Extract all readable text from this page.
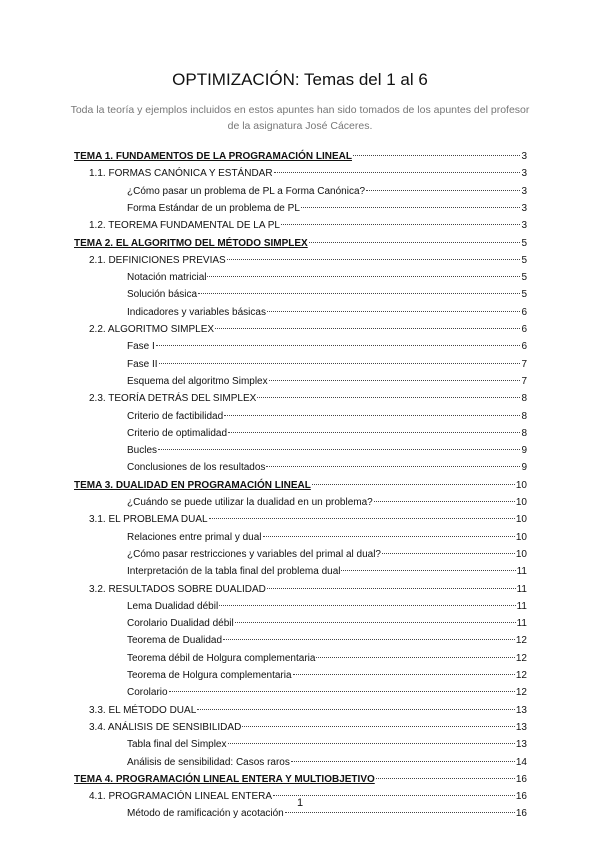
OPTIMIZACIÓN: Temas del 1 al 6
Toda la teoría y ejemplos incluidos en estos apuntes han sido tomados de los apuntes del profesor de la asignatura José Cáceres.
TEMA 1. FUNDAMENTOS DE LA PROGRAMACIÓN LINEAL	3
1.1. FORMAS CANÓNICA Y ESTÁNDAR	3
¿Cómo pasar un problema de PL a Forma Canónica?	3
Forma Estándar de un problema de PL	3
1.2. TEOREMA FUNDAMENTAL DE LA PL	3
TEMA 2. EL ALGORITMO DEL MÉTODO SIMPLEX	5
2.1. DEFINICIONES PREVIAS	5
Notación matricial	5
Solución básica	5
Indicadores y variables básicas	6
2.2. ALGORITMO SIMPLEX	6
Fase I	6
Fase II	7
Esquema del algoritmo Simplex	7
2.3. TEORÍA DETRÁS DEL SIMPLEX	8
Criterio de factibilidad	8
Criterio de optimalidad	8
Bucles	9
Conclusiones de los resultados	9
TEMA 3. DUALIDAD EN PROGRAMACIÓN LINEAL	10
¿Cuándo se puede utilizar la dualidad en un problema?	10
3.1. EL PROBLEMA DUAL	10
Relaciones entre primal y dual	10
¿Cómo pasar restricciones y variables del primal al dual?	10
Interpretación de la tabla final del problema dual	11
3.2. RESULTADOS SOBRE DUALIDAD	11
Lema Dualidad débil	11
Corolario Dualidad débil	11
Teorema de Dualidad	12
Teorema débil de Holgura complementaria	12
Teorema de Holgura complementaria	12
Corolario	12
3.3. EL MÉTODO DUAL	13
3.4. ANÁLISIS DE SENSIBILIDAD	13
Tabla final del Simplex	13
Análisis de sensibilidad: Casos raros	14
TEMA 4. PROGRAMACIÓN LINEAL ENTERA Y MULTIOBJETIVO	16
4.1. PROGRAMACIÓN LINEAL ENTERA	16
Método de ramificación y acotación	16
1
